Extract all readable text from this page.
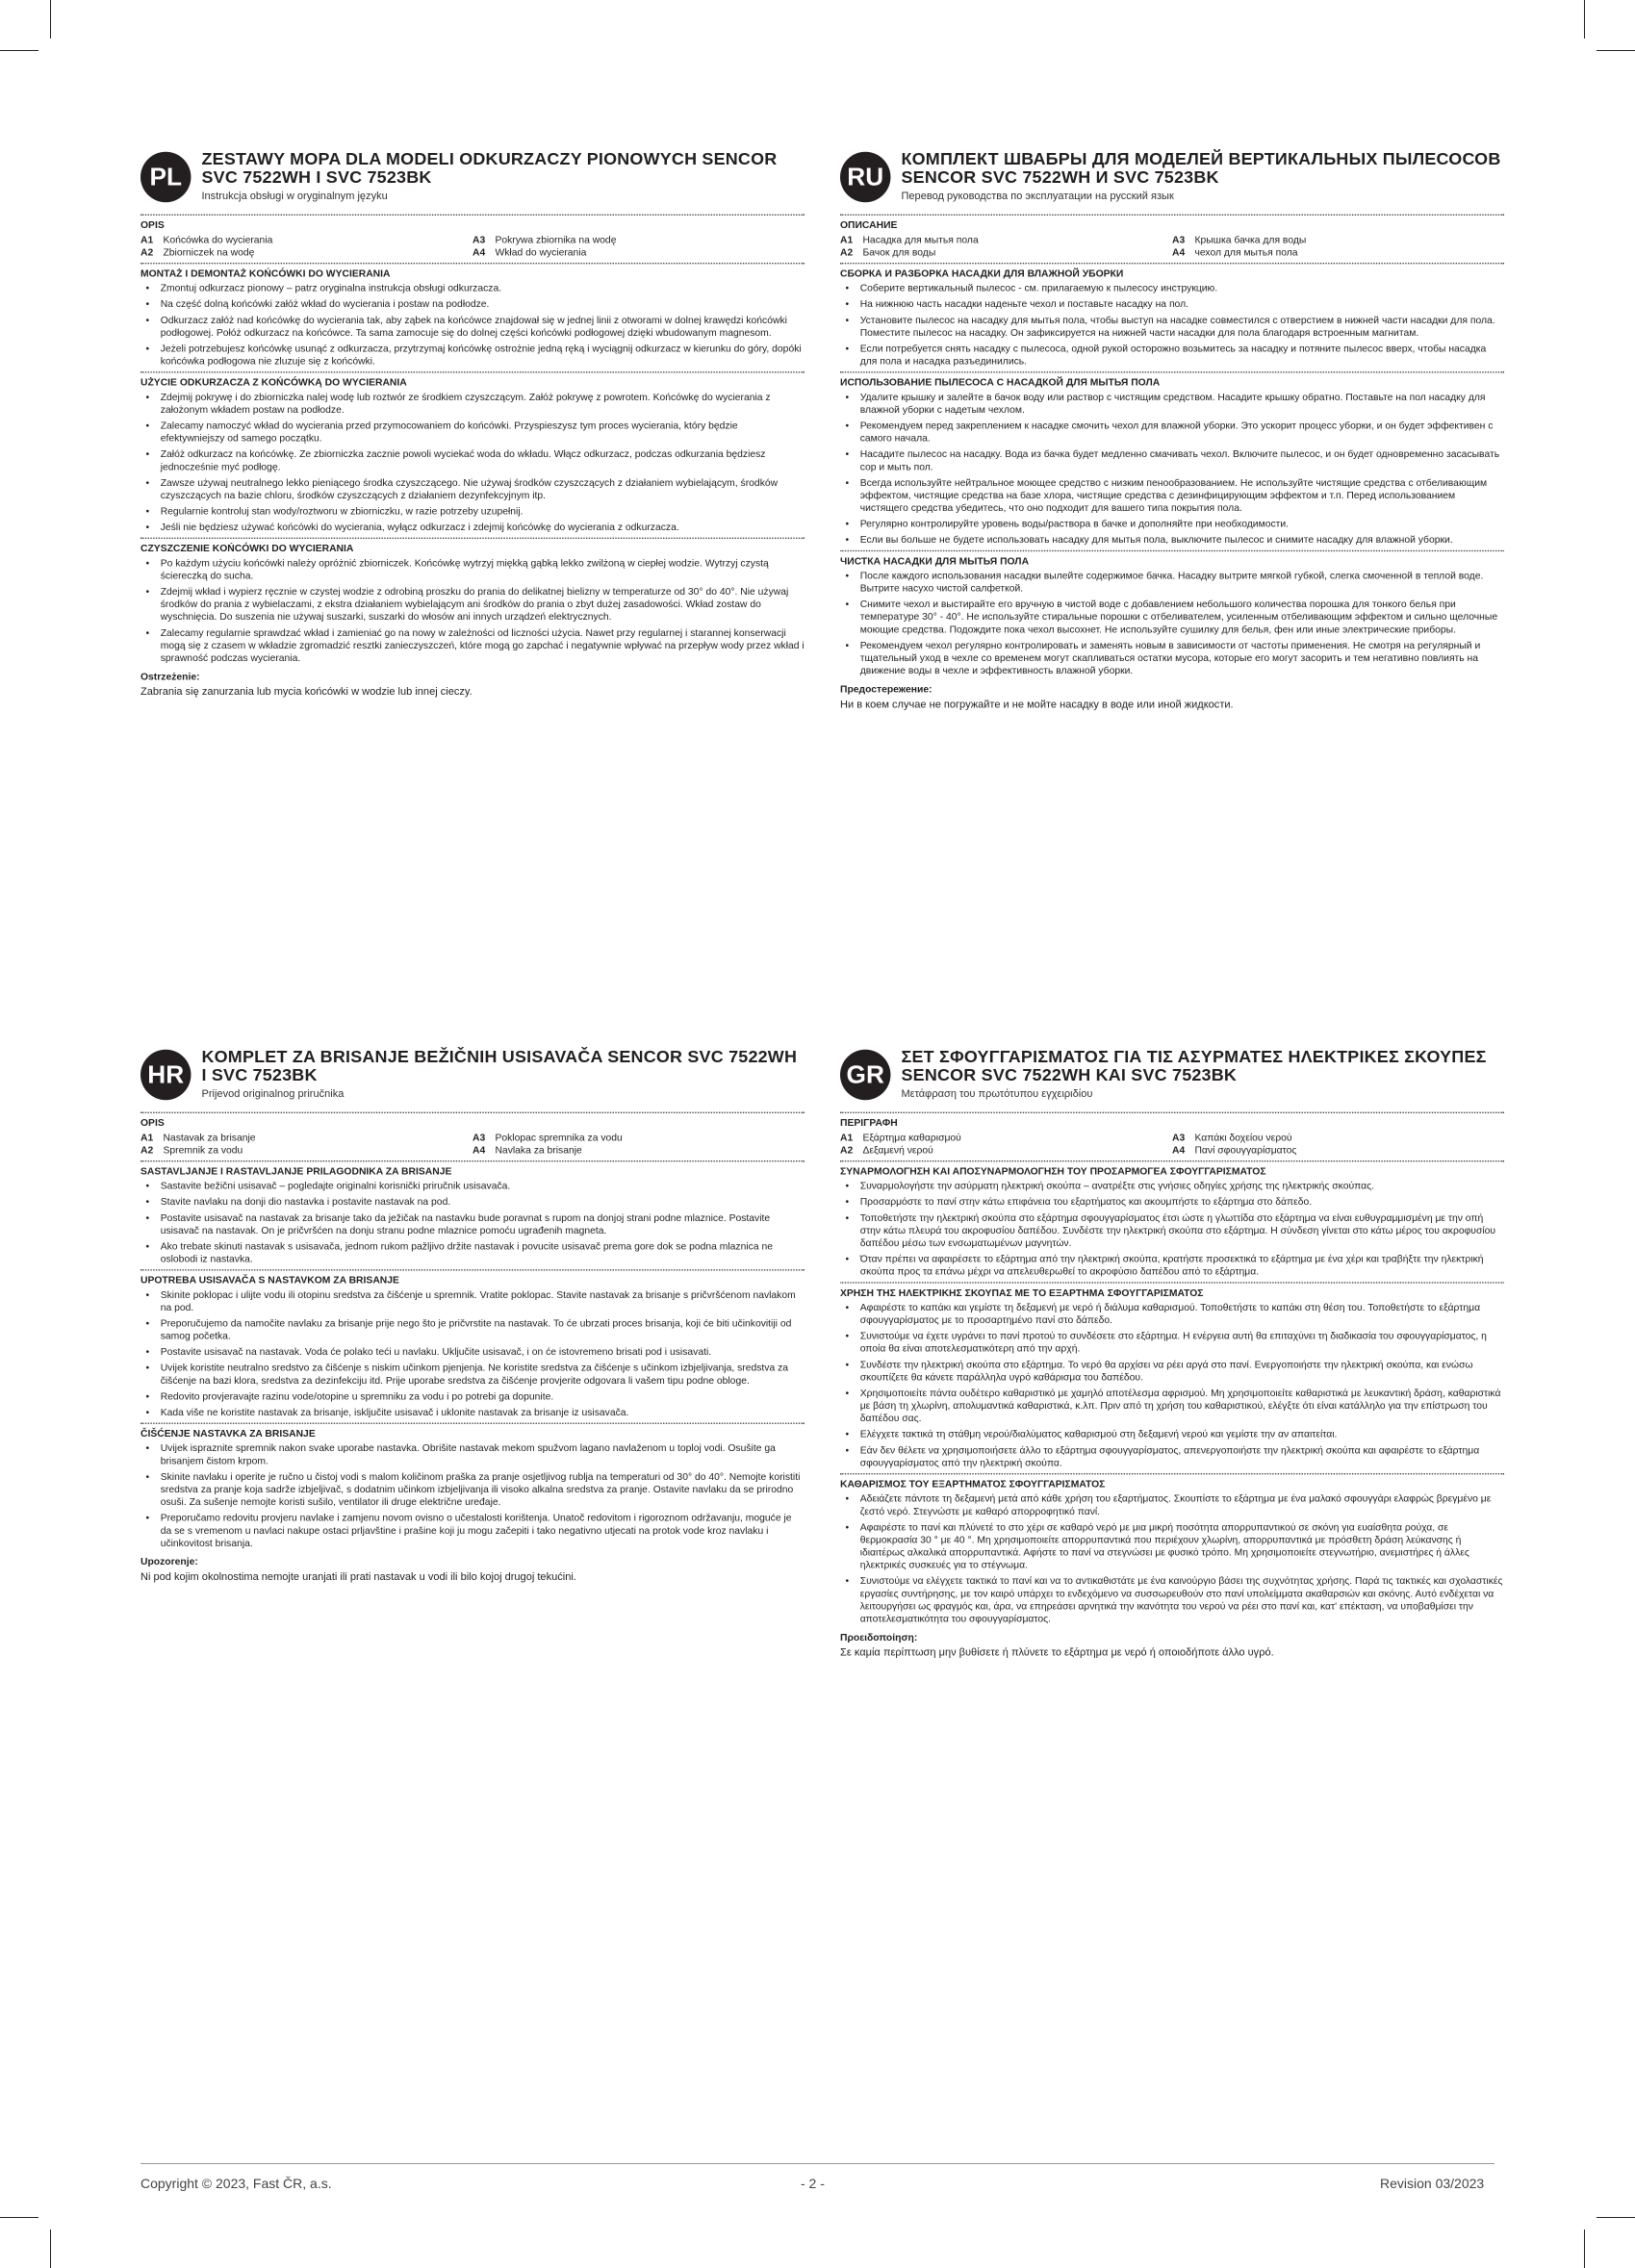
PL
ZESTAWY MOPA DLA MODELI ODKURZACZY PIONOWYCH SENCOR SVC 7522WH I SVC 7523BK
Instrukcja obsługi w oryginalnym języku
OPIS
A1 Końcówka do wycierania	A3 Pokrywa zbiornika na wodę
A2 Zbiorniczek na wodę	A4 Wkład do wycierania
MONTAŻ I DEMONTAŻ KOŃCÓWKI DO WYCIERANIA
• Zmontuj odkurzacz pionowy – patrz oryginalna instrukcja obsługi odkurzacza.
• Na część dolną końcówki załóż wkład do wycierania i postaw na podłodze.
• Odkurzacz załóż nad końcówkę do wycierania tak, aby ząbek na końcówce znajdował się w jednej linii z otworami w dolnej krawędzi końcówki podłogowej. Połóż odkurzacz na końcówce. Ta sama zamocuje się do dolnej części końcówki podłogowej dzięki wbudowanym magnesom.
• Jeżeli potrzebujesz końcówkę usunąć z odkurzacza, przytrzymaj końcówkę ostrożnie jedną ręką i wyciągnij odkurzacz w kierunku do góry, dopóki końcówka podłogowa nie zluzuje się z końcówki.
UŻYCIE ODKURZACZA Z KOŃCÓWKĄ DO WYCIERANIA
• Zdejmij pokrywę i do zbiorniczka nalej wodę lub roztwór ze środkiem czyszczącym. Załóż pokrywę z powrotem. Końcówkę do wycierania z założonym wkładem postaw na podłodze.
• Zalecamy namoczyć wkład do wycierania przed przymocowaniem do końcówki. Przyspieszysz tym proces wycierania, który będzie efektywniejszy od samego początku.
• Załóż odkurzacz na końcówkę. Ze zbiorniczka zacznie powoli wyciekać woda do wkładu. Włącz odkurzacz, podczas odkurzania będziesz jednocześnie myć podłogę.
• Zawsze używaj neutralnego lekko pieniącego środka czyszczącego. Nie używaj środków czyszczących z działaniem wybielającym, środków czyszczących na bazie chloru, środków czyszczących z działaniem dezynfekcyjnym itp.
• Regularnie kontroluj stan wody/roztworu w zbiorniczku, w razie potrzeby uzupełnij.
• Jeśli nie będziesz używać końcówki do wycierania, wyłącz odkurzacz i zdejmij końcówkę do wycierania z odkurzacza.
CZYSZCZENIE KOŃCÓWKI DO WYCIERANIA
• Po każdym użyciu końcówki należy opróżnić zbiorniczek. Końcówkę wytrzyj miękką gąbką lekko zwilżoną w ciepłej wodzie. Wytrzyj czystą ściereczką do sucha.
• Zdejmij wkład i wypierz ręcznie w czystej wodzie z odrobiną proszku do prania do delikatnej bielizny w temperaturze od 30° do 40°. Nie używaj środków do prania z wybielaczami, z ekstra działaniem wybielającym ani środków do prania o zbyt dużej zasadowości. Wkład zostaw do wyschnięcia. Do suszenia nie używaj suszarki, suszarki do włosów ani innych urządzeń elektrycznych.
• Zalecamy regularnie sprawdzać wkład i zamieniać go na nowy w zależności od liczności użycia. Nawet przy regularnej i starannej konserwacji mogą się z czasem w wkładzie zgromadzić resztki zanieczyszczeń, które mogą go zapchać i negatywnie wpływać na przepływ wody przez wkład i sprawność podczas wycierania.
Ostrzeżenie:
Zabrania się zanurzania lub mycia końcówki w wodzie lub innej cieczy.
RU
КОМПЛЕКТ ШВАБРЫ ДЛЯ МОДЕЛЕЙ ВЕРТИКАЛЬНЫХ ПЫЛЕСОСОВ SENCOR SVC 7522WH И SVC 7523BK
Перевод руководства по эксплуатации на русский язык
ОПИСАНИЕ
A1 Насадка для мытья пола	A3 Крышка бачка для воды
A2 Бачок для воды	A4 чехол для мытья пола
СБОРКА И РАЗБОРКА НАСАДКИ ДЛЯ ВЛАЖНОЙ УБОРКИ
• Соберите вертикальный пылесос - см. прилагаемую к пылесосу инструкцию.
• На нижнюю часть насадки наденьте чехол и поставьте насадку на пол.
• Установите пылесос на насадку для мытья пола, чтобы выступ на насадке совместился с отверстием в нижней части насадки для пола. Поместите пылесос на насадку. Он зафиксируется на нижней части насадки для пола благодаря встроенным магнитам.
• Если потребуется снять насадку с пылесоса, одной рукой осторожно возьмитесь за насадку и потяните пылесос вверх, чтобы насадка для пола и насадка разъединились.
ИСПОЛЬЗОВАНИЕ ПЫЛЕСОСА С НАСАДКОЙ ДЛЯ МЫТЬЯ ПОЛА
• Удалите крышку и залейте в бачок воду или раствор с чистящим средством. Насадите крышку обратно. Поставьте на пол насадку для влажной уборки с надетым чехлом.
• Рекомендуем перед закреплением к насадке смочить чехол для влажной уборки. Это ускорит процесс уборки, и он будет эффективен с самого начала.
• Насадите пылесос на насадку. Вода из бачка будет медленно смачивать чехол. Включите пылесос, и он будет одновременно засасывать сор и мыть пол.
• Всегда используйте нейтральное моющее средство с низким пенообразованием. Не используйте чистящие средства с отбеливающим эффектом, чистящие средства на базе хлора, чистящие средства с дезинфицирующим эффектом и т.п. Перед использованием чистящего средства убедитесь, что оно подходит для вашего типа покрытия пола.
• Регулярно контролируйте уровень воды/раствора в бачке и дополняйте при необходимости.
• Если вы больше не будете использовать насадку для мытья пола, выключите пылесос и снимите насадку для влажной уборки.
ЧИСТКА НАСАДКИ ДЛЯ МЫТЬЯ ПОЛА
• После каждого использования насадки вылейте содержимое бачка. Насадку вытрите мягкой губкой, слегка смоченной в теплой воде. Вытрите насухо чистой салфеткой.
• Снимите чехол и выстирайте его вручную в чистой воде с добавлением небольшого количества порошка для тонкого белья при температуре 30° - 40°. Не используйте стиральные порошки с отбеливателем, усиленным отбеливающим эффектом и сильно щелочные моющие средства. Подождите пока чехол высохнет. Не используйте сушилку для белья, фен или иные электрические приборы.
• Рекомендуем чехол регулярно контролировать и заменять новым в зависимости от частоты применения. Не смотря на регулярный и тщательный уход в чехле со временем могут скапливаться остатки мусора, которые его могут засорить и тем негативно повлиять на движение воды в чехле и эффективность влажной уборки.
Предостережение:
Ни в коем случае не погружайте и не мойте насадку в воде или иной жидкости.
HR
KOMPLET ZA BRISANJE BEŽIČNIH USISAVAČA SENCOR SVC 7522WH I SVC 7523BK
Prijevod originalnog priručnika
OPIS
A1 Nastavak za brisanje	A3 Poklopac spremnika za vodu
A2 Spremnik za vodu	A4 Navlaka za brisanje
SASTAVLJANJE I RASTAVLJANJE PRILAGODNIKA ZA BRISANJE
• Sastavite bežični usisavač – pogledajte originalni korisnički priručnik usisavača.
• Stavite navlaku na donji dio nastavka i postavite nastavak na pod.
• Postavite usisavač na nastavak za brisanje tako da ježičak na nastavku bude poravnat s rupom na donjoj strani podne mlaznice. Postavite usisavač na nastavak. On je pričvršćen na donju stranu podne mlaznice pomoću ugrađenih magneta.
• Ako trebate skinuti nastavak s usisavača, jednom rukom pažljivo držite nastavak i povucite usisavač prema gore dok se podna mlaznica ne oslobodi iz nastavka.
UPOTREBA USISAVAČA S NASTAVKOM ZA BRISANJE
• Skinite poklopac i ulijte vodu ili otopinu sredstva za čišćenje u spremnik. Vratite poklopac. Stavite nastavak za brisanje s pričvršćenom navlakom na pod.
• Preporučujemo da namočite navlaku za brisanje prije nego što je pričvrstite na nastavak. To će ubrzati proces brisanja, koji će biti učinkovitiji od samog početka.
• Postavite usisavač na nastavak. Voda će polako teći u navlaku. Uključite usisavač, i on će istovremeno brisati pod i usisavati.
• Uvijek koristite neutralno sredstvo za čišćenje s niskim učinkom pjenjenja. Ne koristite sredstva za čišćenje s učinkom izbjeljivanja, sredstva za čišćenje na bazi klora, sredstva za dezinfekciju itd. Prije uporabe sredstva za čišćenje provjerite odgovara li vašem tipu podne obloge.
• Redovito provjeravajte razinu vode/otopine u spremniku za vodu i po potrebi ga dopunite.
• Kada više ne koristite nastavak za brisanje, isključite usisavač i uklonite nastavak za brisanje iz usisavača.
ČIŠĆENJE NASTAVKA ZA BRISANJE
• Uvijek ispraznite spremnik nakon svake uporabe nastavka. Obrišite nastavak mekom spužvom lagano navlaženom u toploj vodi. Osušite ga brisanjem čistom krpom.
• Skinite navlaku i operite je ručno u čistoj vodi s malom količinom praška za pranje osjetljivog rublja na temperaturi od 30° do 40°. Nemojte koristiti sredstva za pranje koja sadrže izbjeljivač, s dodatnim učinkom izbjeljivanja ili visoko alkalna sredstva za pranje. Ostavite navlaku da se prirodno osuši. Za sušenje nemojte koristi sušilo, ventilator ili druge električne uređaje.
• Preporučamo redovitu provjeru navlake i zamjenu novom ovisno o učestalosti korištenja. Unatoč redovitom i rigoroznom održavanju, moguće je da se s vremenom u navlaci nakupe ostaci prljavštine i prašine koji ju mogu začepiti i tako negativno utjecati na protok vode kroz navlaku i učinkovitost brisanja.
Upozorenje:
Ni pod kojim okolnostima nemojte uranjati ili prati nastavak u vodi ili bilo kojoj drugoj tekućini.
GR
ΣΕΤ ΣΦΟΥΓΓΑΡΙΣΜΑΤΟΣ ΓΙΑ ΤΙΣ ΑΣΥΡΜΑΤΕΣ ΗΛΕΚΤΡΙΚΕΣ ΣΚΟΥΠΕΣ SENCOR SVC 7522WH ΚΑΙ SVC 7523BK
Μετάφραση του πρωτότυπου εγχειριδίου
ΠΕΡΙΓΡΑΦΗ
A1 Εξάρτημα καθαρισμού	A3 Καπάκι δοχείου νερού
A2 Δεξαμενή νερού	A4 Πανί σφουγγαρίσματος
ΣΥΝΑΡΜΟΛΟΓΗΣΗ ΚΑΙ ΑΠΟΣΥΝΑΡΜΟΛΟΓΗΣΗ ΤΟΥ ΠΡΟΣΑΡΜΟΓΕΑ ΣΦΟΥΓΓΑΡΙΣΜΑΤΟΣ
• Συναρμολογήστε την ασύρματη ηλεκτρική σκούπα – ανατρέξτε στις γνήσιες οδηγίες χρήσης της ηλεκτρικής σκούπας.
• Προσαρμόστε το πανί στην κάτω επιφάνεια του εξαρτήματος και ακουμπήστε το εξάρτημα στο δάπεδο.
• Τοποθετήστε την ηλεκτρική σκούπα στο εξάρτημα σφουγγαρίσματος έτσι ώστε η γλωττίδα στο εξάρτημα να είναι ευθυγραμμισμένη με την οπή στην κάτω πλευρά του ακροφυσίου δαπέδου. Συνδέστε την ηλεκτρική σκούπα στο εξάρτημα. Η σύνδεση γίνεται στο κάτω μέρος του ακροφυσίου δαπέδου μέσω των ενσωματωμένων μαγνητών.
• Όταν πρέπει να αφαιρέσετε το εξάρτημα από την ηλεκτρική σκούπα, κρατήστε προσεκτικά το εξάρτημα με ένα χέρι και τραβήξτε την ηλεκτρική σκούπα προς τα επάνω μέχρι να απελευθερωθεί το ακροφύσιο δαπέδου από το εξάρτημα.
ΧΡΗΣΗ ΤΗΣ ΗΛΕΚΤΡΙΚΗΣ ΣΚΟΥΠΑΣ ΜΕ ΤΟ ΕΞΑΡΤΗΜΑ ΣΦΟΥΓΓΑΡΙΣΜΑΤΟΣ
• Αφαιρέστε το καπάκι και γεμίστε τη δεξαμενή με νερό ή διάλυμα καθαρισμού. Τοποθετήστε το καπάκι στη θέση του. Τοποθετήστε το εξάρτημα σφουγγαρίσματος με το προσαρτημένο πανί στο δάπεδο.
• Συνιστούμε να έχετε υγράνει το πανί προτού το συνδέσετε στο εξάρτημα. Η ενέργεια αυτή θα επιταχύνει τη διαδικασία του σφουγγαρίσματος, η οποία θα είναι αποτελεσματικότερη από την αρχή.
• Συνδέστε την ηλεκτρική σκούπα στο εξάρτημα. Το νερό θα αρχίσει να ρέει αργά στο πανί. Ενεργοποιήστε την ηλεκτρική σκούπα, και ενώσω σκουπίζετε θα κάνετε παράλληλα υγρό καθάρισμα του δαπέδου.
• Χρησιμοποιείτε πάντα ουδέτερο καθαριστικό με χαμηλό αποτέλεσμα αφρισμού. Μη χρησιμοποιείτε καθαριστικά με λευκαντική δράση, καθαριστικά με βάση τη χλωρίνη, απολυμαντικά καθαριστικά, κ.λπ. Πριν από τη χρήση του καθαριστικού, ελέγξτε ότι είναι κατάλληλο για την επίστρωση του δαπέδου σας.
• Ελέγχετε τακτικά τη στάθμη νερού/διαλύματος καθαρισμού στη δεξαμενή νερού και γεμίστε την αν απαιτείται.
• Εάν δεν θέλετε να χρησιμοποιήσετε άλλο το εξάρτημα σφουγγαρίσματος, απενεργοποιήστε την ηλεκτρική σκούπα και αφαιρέστε το εξάρτημα σφουγγαρίσματος από την ηλεκτρική σκούπα.
ΚΑΘΑΡΙΣΜΟΣ ΤΟΥ ΕΞΑΡΤΗΜΑΤΟΣ ΣΦΟΥΓΓΑΡΙΣΜΑΤΟΣ
• Αδειάζετε πάντοτε τη δεξαμενή μετά από κάθε χρήση του εξαρτήματος. Σκουπίστε το εξάρτημα με ένα μαλακό σφουγγάρι ελαφρώς βρεγμένο με ζεστό νερό. Στεγνώστε με καθαρό απορροφητικό πανί.
• Αφαιρέστε το πανί και πλύνετέ το στο χέρι σε καθαρό νερό με μια μικρή ποσότητα απορρυπαντικού σε σκόνη για ευαίσθητα ρούχα, σε θερμοκρασία 30 ° με 40 °. Μη χρησιμοποιείτε απορρυπαντικά που περιέχουν χλωρίνη, απορρυπαντικά με πρόσθετη δράση λεύκανσης ή ιδιαιτέρως αλκαλικά απορρυπαντικά. Αφήστε το πανί να στεγνώσει με φυσικό τρόπο. Μη χρησιμοποιείτε στεγνωτήριο, ανεμιστήρες ή άλλες ηλεκτρικές συσκευές για το στέγνωμα.
• Συνιστούμε να ελέγχετε τακτικά το πανί και να το αντικαθιστάτε με ένα καινούργιο βάσει της συχνότητας χρήσης. Παρά τις τακτικές και σχολαστικές εργασίες συντήρησης, με τον καιρό υπάρχει το ενδεχόμενο να συσσωρευθούν στο πανί υπολείμματα ακαθαρσιών και σκόνης. Αυτό ενδέχεται να λειτουργήσει ως φραγμός και, άρα, να επηρεάσει αρνητικά την ικανότητα του νερού να ρέει στο πανί και, κατ' επέκταση, να υποβαθμίσει την αποτελεσματικότητα του σφουγγαρίσματος.
Προειδοποίηση:
Σε καμία περίπτωση μην βυθίσετε ή πλύνετε το εξάρτημα με νερό ή οποιοδήποτε άλλο υγρό.
Copyright © 2023, Fast ČR, a.s.	- 2 -	Revision 03/2023
